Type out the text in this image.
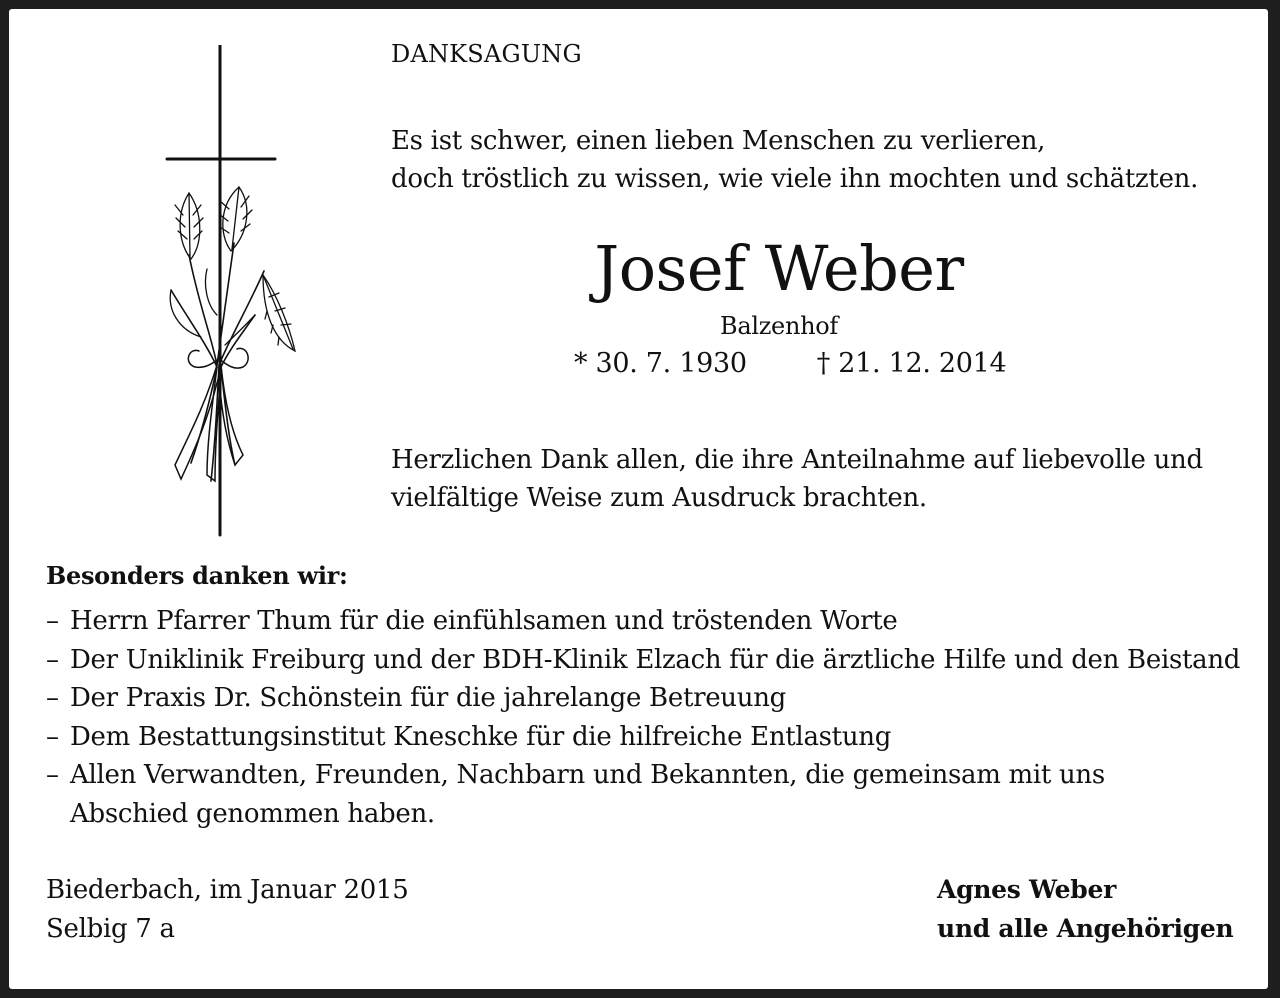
DANKSAGUNG
Es ist schwer, einen lieben Menschen zu verlieren,
doch tröstlich zu wissen, wie viele ihn mochten und schätzten.
Josef Weber
Balzenhof
* 30. 7. 1930	† 21. 12. 2014
Herzlichen Dank allen, die ihre Anteilnahme auf liebevolle und
vielfältige Weise zum Ausdruck brachten.
Besonders danken wir:
– Herrn Pfarrer Thum für die einfühlsamen und tröstenden Worte
– Der Uniklinik Freiburg und der BDH-Klinik Elzach für die ärztliche Hilfe und den Beistand
– Der Praxis Dr. Schönstein für die jahrelange Betreuung
– Dem Bestattungsinstitut Kneschke für die hilfreiche Entlastung
– Allen Verwandten, Freunden, Nachbarn und Bekannten, die gemeinsam mit uns Abschied genommen haben.
Biederbach, im Januar 2015
Selbig 7 a
Agnes Weber
und alle Angehörigen
